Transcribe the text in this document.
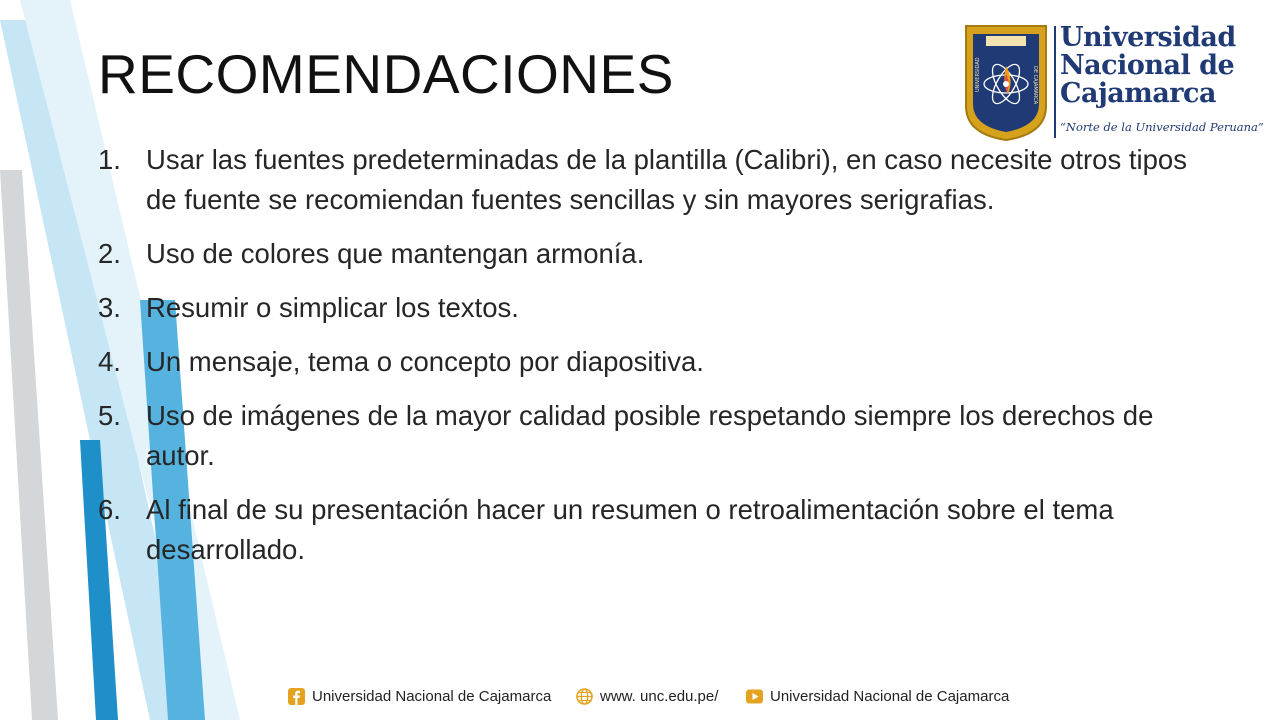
RECOMENDACIONES	UNIVERSIDAD	DE CAJAMARCA
Universidad
Nacional de
Cajamarca
“Norte de la Universidad Peruana”
1. Usar las fuentes predeterminadas de la plantilla (Calibri), en caso necesite otros tipos de fuente se recomiendan fuentes sencillas y sin mayores serigrafias.
2. Uso de colores que mantengan armonía.
3. Resumir o simplicar los textos.
4. Un mensaje, tema o concepto por diapositiva.
5. Uso de imágenes de la mayor calidad posible respetando siempre los derechos de autor.
6. Al final de su presentación hacer un resumen o retroalimentación sobre el tema desarrollado.
Universidad Nacional de Cajamarca	www. unc.edu.pe/	Universidad Nacional de Cajamarca
